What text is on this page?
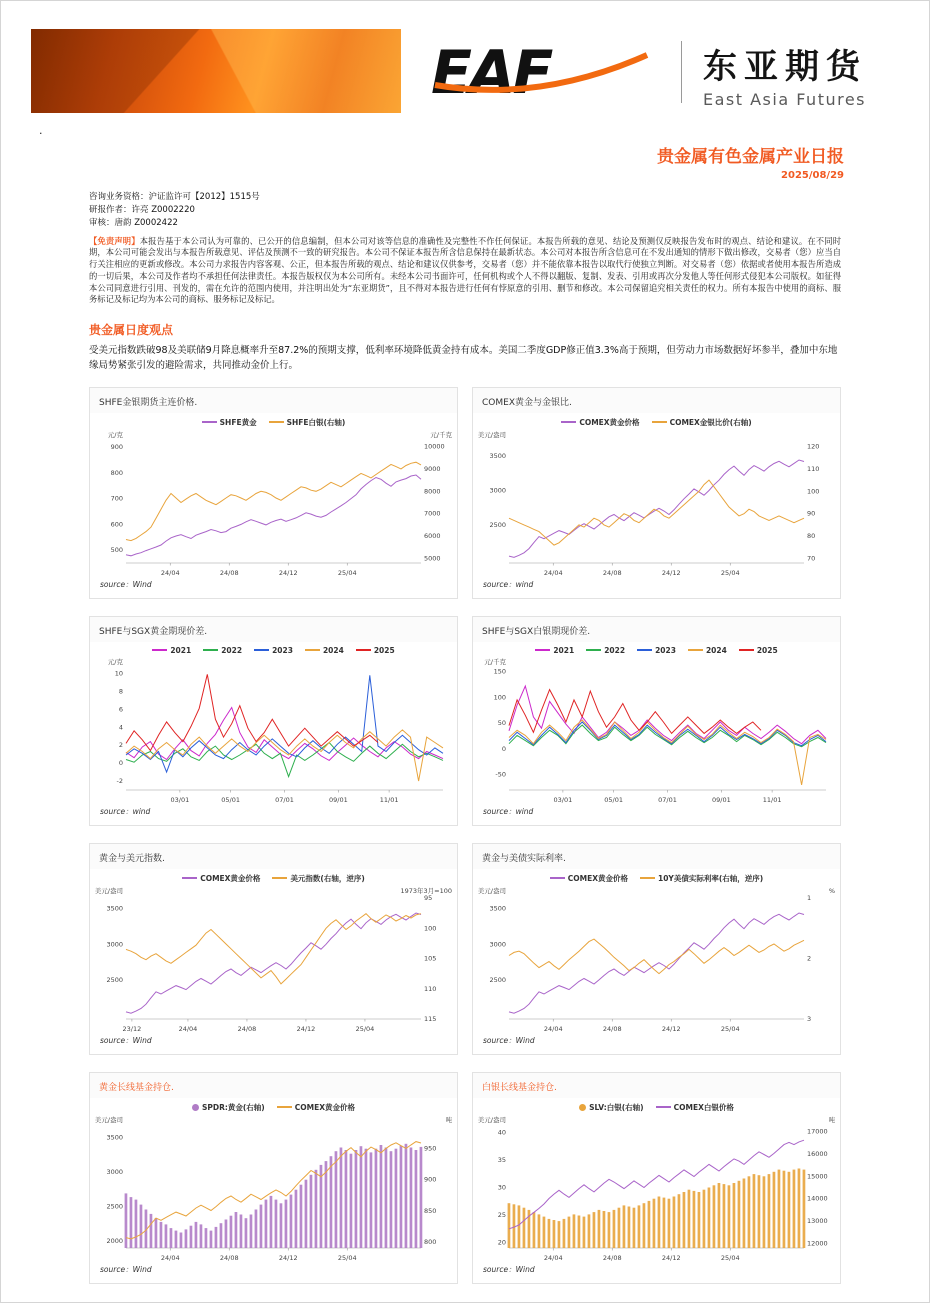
EAF	东亚期货
East Asia Futures
.
贵金属有色金属产业日报
2025/08/29
咨询业务资格：沪证监许可【2012】1515号
研报作者：许亮 Z0002220
审核：唐韵 Z0002422

【免责声明】本报告基于本公司认为可靠的、已公开的信息编制，但本公司对该等信息的准确性及完整性不作任何保证。本报告所载的意见、结论及预测仅反映报告发布时的观点、结论和建议。在不同时期，本公司可能会发出与本报告所载意见、评估及预测不一致的研究报告。本公司不保证本报告所含信息保持在最新状态。本公司对本报告所含信息可在不发出通知的情形下做出修改，交易者（您）应当自行关注相应的更新或修改。本公司力求报告内容客观、公正，但本报告所载的观点、结论和建议仅供参考，交易者（您）并不能依靠本报告以取代行使独立判断。对交易者（您）依据或者使用本报告所造成的一切后果，本公司及作者均不承担任何法律责任。本报告版权仅为本公司所有。未经本公司书面许可，任何机构或个人不得以翻版、复制、发表、引用或再次分发他人等任何形式侵犯本公司版权。如征得本公司同意进行引用、刊发的，需在允许的范围内使用，并注明出处为“东亚期货”，且不得对本报告进行任何有悖原意的引用、删节和修改。本公司保留追究相关责任的权力。所有本报告中使用的商标、服务标记及标记均为本公司的商标、服务标记及标记。

贵金属日度观点

受美元指数跌破98及美联储9月降息概率升至87.2%的预期支撑，低利率环境降低黄金持有成本。美国二季度GDP修正值3.3%高于预期，但劳动力市场数据好坏参半，叠加中东地缘局势紧张引发的避险需求，共同推动金价上行。

SHFE金银期货主连价格.
SHFE黄金	SHFE白银(右轴)
500
600
700
800
900
元/克
5000
6000
7000
8000
9000
10000
元/千克
24/04	24/08	24/12	25/04
source：Wind
COMEX黄金与金银比.
COMEX黄金价格	COMEX金银比价(右轴)
2500
3000
3500
美元/盎司
70
80
90
100
110
120
24/04	24/08	24/12	25/04
source：wind
SHFE与SGX黄金期现价差.
2021	2022	2023	2024	2025
-2
0
2
4
6
8
10
元/克
03/01	05/01	07/01	09/01	11/01
source：wind
SHFE与SGX白银期现价差.
2021	2022	2023	2024	2025
-50
0
50
100
150
元/千克
03/01	05/01	07/01	09/01	11/01
source：wind
黄金与美元指数.
COMEX黄金价格	美元指数(右轴，逆序)
2500
3000
3500
美元/盎司
95
100
105
110
115
1973年3月=100
23/12	24/04	24/08	24/12	25/04
source：Wind
黄金与美债实际利率.
COMEX黄金价格	10Y美债实际利率(右轴，逆序)
2500
3000
3500
美元/盎司
1
2
3
%
24/04	24/08	24/12	25/04
source：Wind
黄金长线基金持仓.
SPDR:黄金(右轴)	COMEX黄金价格
2000
2500
3000
3500
美元/盎司
800
850
900
950
吨
24/04	24/08	24/12	25/04
source：Wind
白银长线基金持仓.
SLV:白银(右轴)	COMEX白银价格
20
25
30
35
40
美元/盎司
12000
13000
14000
15000
16000
17000
吨
24/04	24/08	24/12	25/04
source：Wind
